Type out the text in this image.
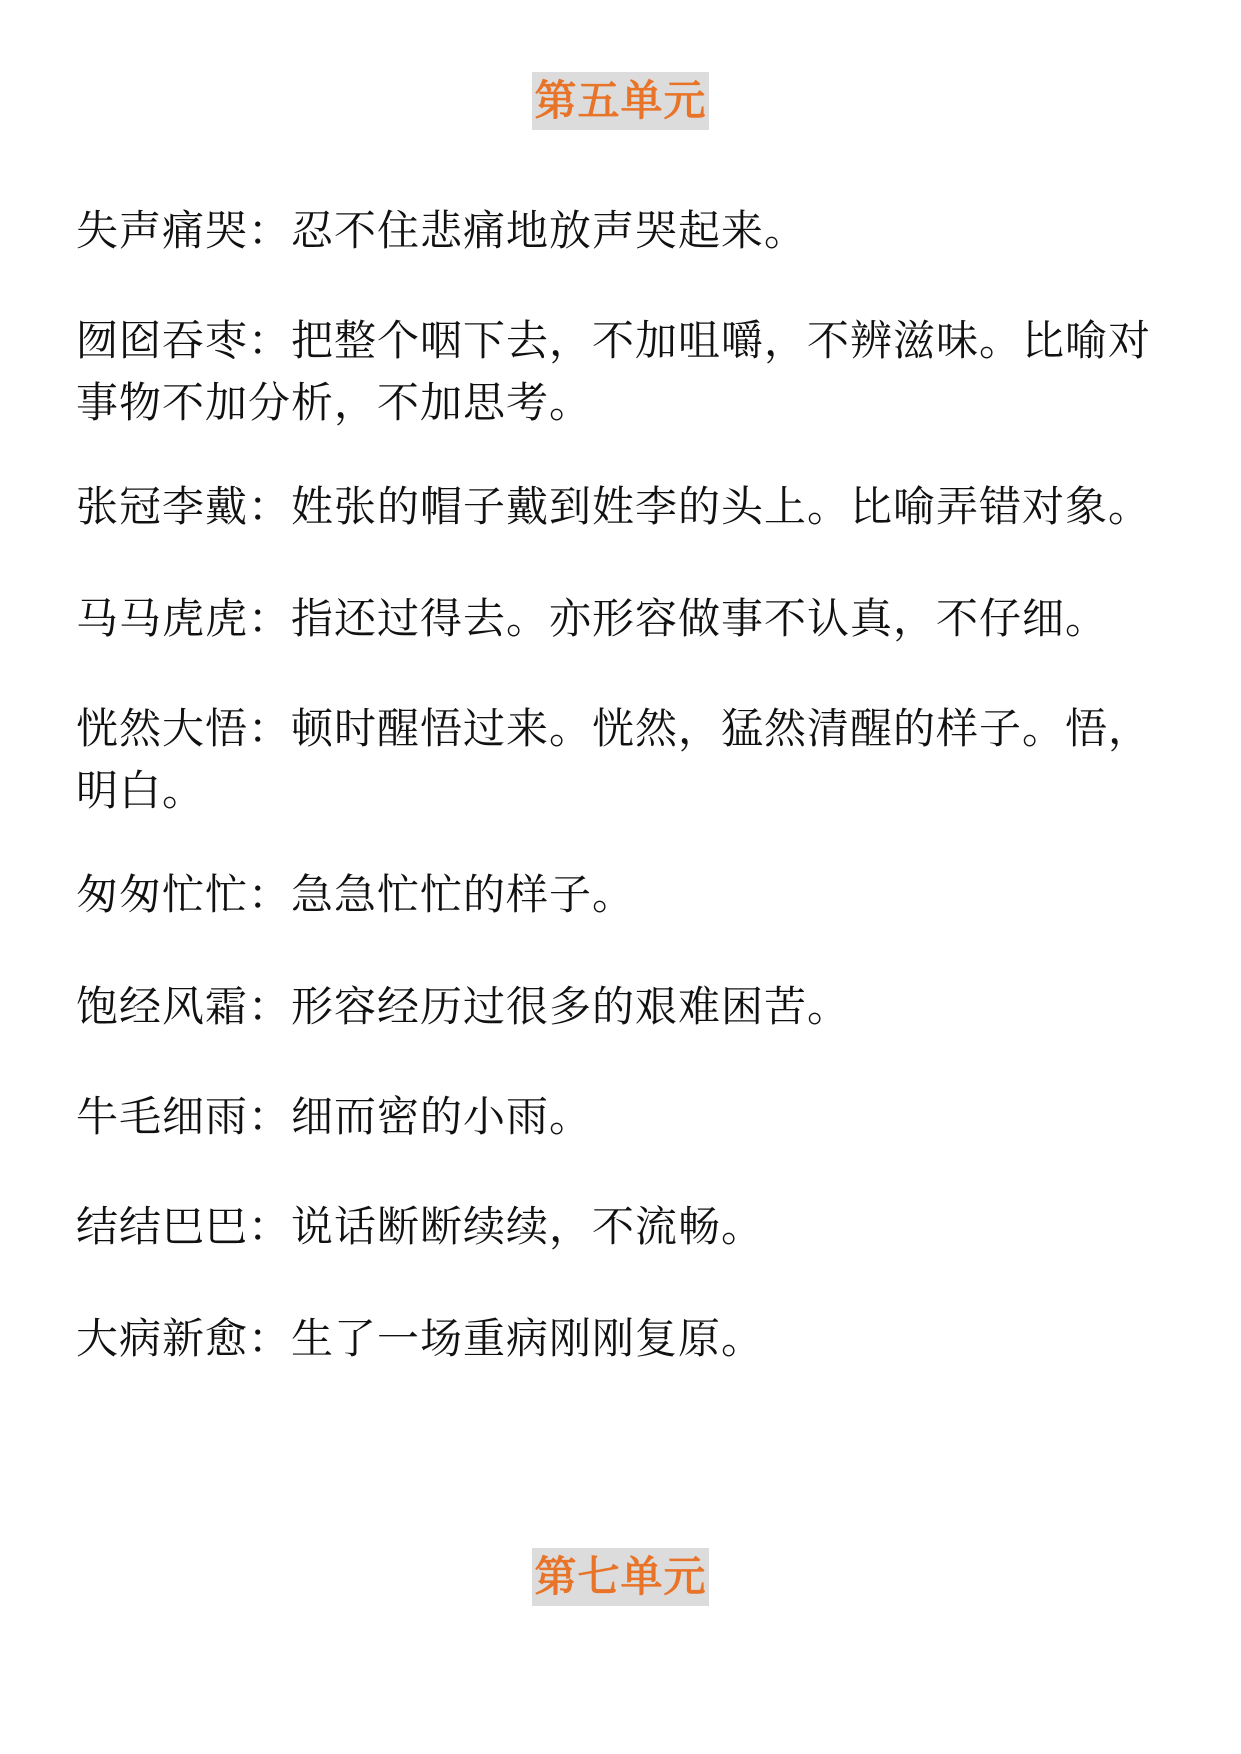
第五单元
失声痛哭：忍不住悲痛地放声哭起来。
囫囵吞枣：把整个咽下去，不加咀嚼，不辨滋味。比喻对事物不加分析，不加思考。
张冠李戴：姓张的帽子戴到姓李的头上。比喻弄错对象。
马马虎虎：指还过得去。亦形容做事不认真，不仔细。
恍然大悟：顿时醒悟过来。恍然，猛然清醒的样子。悟，明白。
匆匆忙忙：急急忙忙的样子。
饱经风霜：形容经历过很多的艰难困苦。
牛毛细雨：细而密的小雨。
结结巴巴：说话断断续续，不流畅。
大病新愈：生了一场重病刚刚复原。
第七单元
